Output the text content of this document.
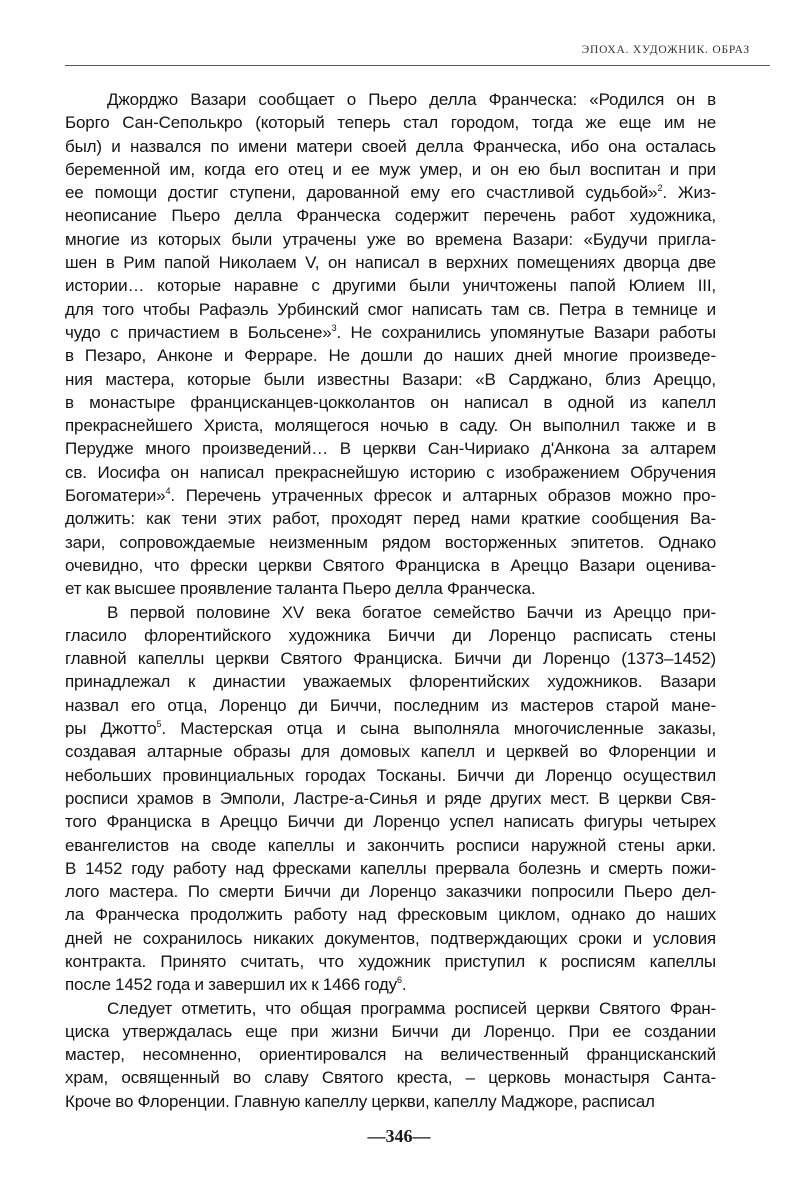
ЭПОХА. ХУДОЖНИК. ОБРАЗ

Джорджо Вазари сообщает о Пьеро делла Франческа: «Родился он в
Борго Сан-Сеполькро (который теперь стал городом, тогда же еще им не
был) и назвался по имени матери своей делла Франческа, ибо она осталась
беременной им, когда его отец и ее муж умер, и он ею был воспитан и при
ее помощи достиг ступени, дарованной ему его счастливой судьбой»$^2$. Жиз-
неописание Пьеро делла Франческа содержит перечень работ художника,
многие из которых были утрачены уже во времена Вазари: «Будучи пригла-
шен в Рим папой Николаем V, он написал в верхних помещениях дворца две
истории… которые наравне с другими были уничтожены папой Юлием III,
для того чтобы Рафаэль Урбинский смог написать там св. Петра в темнице и
чудо с причастием в Больсене»$^3$. Не сохранились упомянутые Вазари работы
в Пезаро, Анконе и Ферраре. Не дошли до наших дней многие произведе-
ния мастера, которые были известны Вазари: «В Сарджано, близ Ареццо,
в монастыре францисканцев-цокколантов он написал в одной из капелл
прекраснейшего Христа, молящегося ночью в саду. Он выполнил также и в
Перудже много произведений… В церкви Сан-Чириако д'Анкона за алтарем
св. Иосифа он написал прекраснейшую историю с изображением Обручения
Богоматери»$^4$. Перечень утраченных фресок и алтарных образов можно про-
должить: как тени этих работ, проходят перед нами краткие сообщения Ва-
зари, сопровождаемые неизменным рядом восторженных эпитетов. Однако
очевидно, что фрески церкви Святого Франциска в Ареццо Вазари оценива-
ет как высшее проявление таланта Пьеро делла Франческа.

В первой половине XV века богатое семейство Баччи из Ареццо при-
гласило флорентийского художника Биччи ди Лоренцо расписать стены
главной капеллы церкви Святого Франциска. Биччи ди Лоренцо (1373–1452)
принадлежал к династии уважаемых флорентийских художников. Вазари
назвал его отца, Лоренцо ди Биччи, последним из мастеров старой мане-
ры Джотто$^5$. Мастерская отца и сына выполняла многочисленные заказы,
создавая алтарные образы для домовых капелл и церквей во Флоренции и
небольших провинциальных городах Тосканы. Биччи ди Лоренцо осуществил
росписи храмов в Эмполи, Ластре-а-Синья и ряде других мест. В церкви Свя-
того Франциска в Ареццо Биччи ди Лоренцо успел написать фигуры четырех
евангелистов на своде капеллы и закончить росписи наружной стены арки.
В 1452 году работу над фресками капеллы прервала болезнь и смерть пожи-
лого мастера. По смерти Биччи ди Лоренцо заказчики попросили Пьеро дел-
ла Франческа продолжить работу над фресковым циклом, однако до наших
дней не сохранилось никаких документов, подтверждающих сроки и условия
контракта. Принято считать, что художник приступил к росписям капеллы
после 1452 года и завершил их к 1466 году$^6$.

Следует отметить, что общая программа росписей церкви Святого Фран-
циска утверждалась еще при жизни Биччи ди Лоренцо. При ее создании
мастер, несомненно, ориентировался на величественный францисканский
храм, освященный во славу Святого креста, – церковь монастыря Санта-
Кроче во Флоренции. Главную капеллу церкви, капеллу Маджоре, расписал

—346—
